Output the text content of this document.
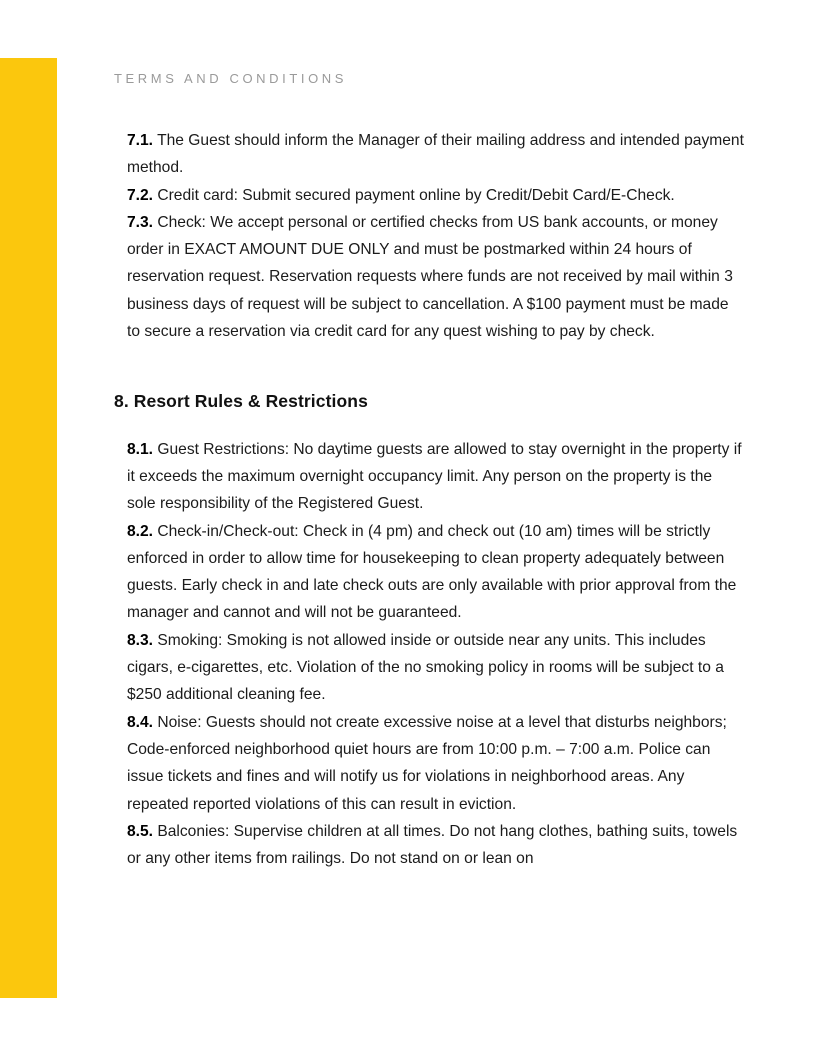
TERMS AND CONDITIONS

7.1. The Guest should inform the Manager of their mailing address and intended payment method.

7.2. Credit card: Submit secured payment online by Credit/Debit Card/E-Check.

7.3. Check: We accept personal or certified checks from US bank accounts, or money order in EXACT AMOUNT DUE ONLY and must be postmarked within 24 hours of reservation request. Reservation requests where funds are not received by mail within 3 business days of request will be subject to cancellation. A $100 payment must be made to secure a reservation via credit card for any quest wishing to pay by check.

8. Resort Rules & Restrictions

8.1. Guest Restrictions: No daytime guests are allowed to stay overnight in the property if it exceeds the maximum overnight occupancy limit. Any person on the property is the sole responsibility of the Registered Guest.

8.2. Check-in/Check-out: Check in (4 pm) and check out (10 am) times will be strictly enforced in order to allow time for housekeeping to clean property adequately between guests. Early check in and late check outs are only available with prior approval from the manager and cannot and will not be guaranteed.

8.3. Smoking: Smoking is not allowed inside or outside near any units. This includes cigars, e-cigarettes, etc. Violation of the no smoking policy in rooms will be subject to a $250 additional cleaning fee.

8.4. Noise: Guests should not create excessive noise at a level that disturbs neighbors; Code-enforced neighborhood quiet hours are from 10:00 p.m. – 7:00 a.m. Police can issue tickets and fines and will notify us for violations in neighborhood areas. Any repeated reported violations of this can result in eviction.

8.5. Balconies: Supervise children at all times. Do not hang clothes, bathing suits, towels or any other items from railings. Do not stand on or lean on
